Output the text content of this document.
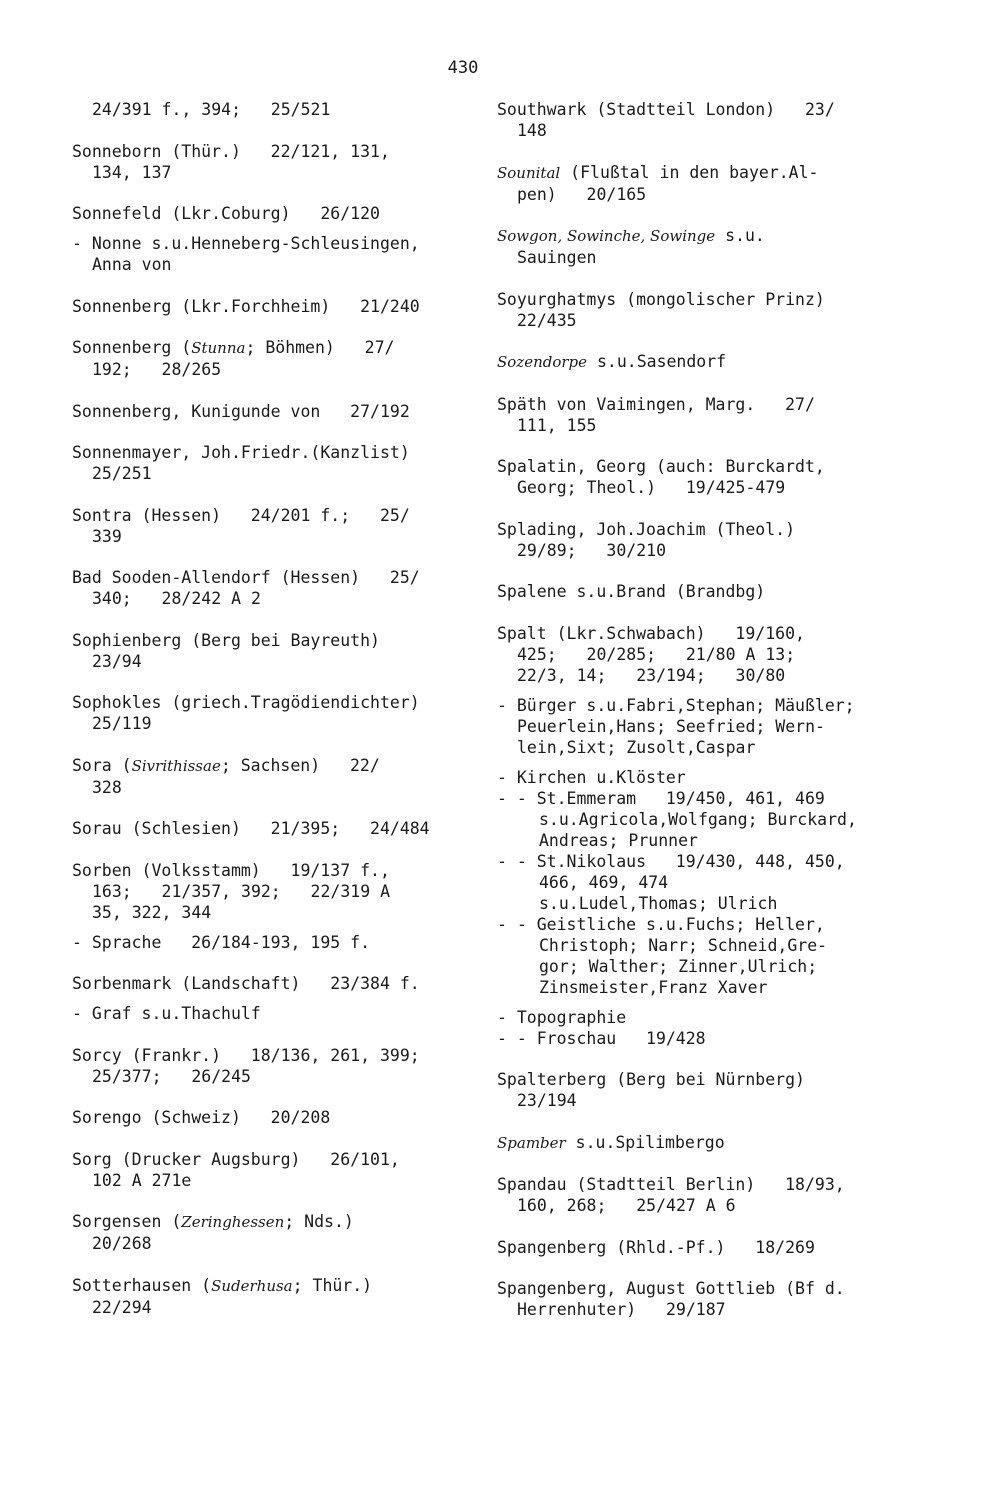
430
24/391 f., 394;   25/521
Sonneborn (Thür.)   22/121, 131,
134, 137
Sonnefeld (Lkr.Coburg)   26/120
- Nonne s.u.Henneberg-Schleusingen,
Anna von
Sonnenberg (Lkr.Forchheim)   21/240
Sonnenberg (Stunna; Böhmen)   27/
192;   28/265
Sonnenberg, Kunigunde von   27/192
Sonnenmayer, Joh.Friedr.(Kanzlist)
25/251
Sontra (Hessen)   24/201 f.;   25/
339
Bad Sooden-Allendorf (Hessen)   25/
340;   28/242 A 2
Sophienberg (Berg bei Bayreuth)
23/94
Sophokles (griech.Tragödiendichter)
25/119
Sora (Sivrithissae; Sachsen)   22/
328
Sorau (Schlesien)   21/395;   24/484
Sorben (Volksstamm)   19/137 f.,
163;   21/357, 392;   22/319 A
35, 322, 344
- Sprache   26/184-193, 195 f.
Sorbenmark (Landschaft)   23/384 f.
- Graf s.u.Thachulf
Sorcy (Frankr.)   18/136, 261, 399;
25/377;   26/245
Sorengo (Schweiz)   20/208
Sorg (Drucker Augsburg)   26/101,
102 A 271e
Sorgensen (Zeringhessen; Nds.)
20/268
Sotterhausen (Suderhusa; Thür.)
22/294
Southwark (Stadtteil London)   23/
148
Sounital (Flußtal in den bayer.Al-
pen)   20/165
Sowgon, Sowinche, Sowinge s.u.
Sauingen
Soyurghatmys (mongolischer Prinz)
22/435
Sozendorpe s.u.Sasendorf
Späth von Vaimingen, Marg.   27/
111, 155
Spalatin, Georg (auch: Burckardt,
Georg; Theol.)   19/425-479
Splading, Joh.Joachim (Theol.)
29/89;   30/210
Spalene s.u.Brand (Brandbg)
Spalt (Lkr.Schwabach)   19/160,
425;   20/285;   21/80 A 13;
22/3, 14;   23/194;   30/80
- Bürger s.u.Fabri,Stephan; Mäußler;
Peuerlein,Hans; Seefried; Wern-
lein,Sixt; Zusolt,Caspar
- Kirchen u.Klöster
- - St.Emmeram   19/450, 461, 469
s.u.Agricola,Wolfgang; Burckard,
Andreas; Prunner
- - St.Nikolaus   19/430, 448, 450,
466, 469, 474
s.u.Ludel,Thomas; Ulrich
- - Geistliche s.u.Fuchs; Heller,
Christoph; Narr; Schneid,Gre-
gor; Walther; Zinner,Ulrich;
Zinsmeister,Franz Xaver
- Topographie
- - Froschau   19/428
Spalterberg (Berg bei Nürnberg)
23/194
Spamber s.u.Spilimbergo
Spandau (Stadtteil Berlin)   18/93,
160, 268;   25/427 A 6
Spangenberg (Rhld.-Pf.)   18/269
Spangenberg, August Gottlieb (Bf d.
Herrenhuter)   29/187
